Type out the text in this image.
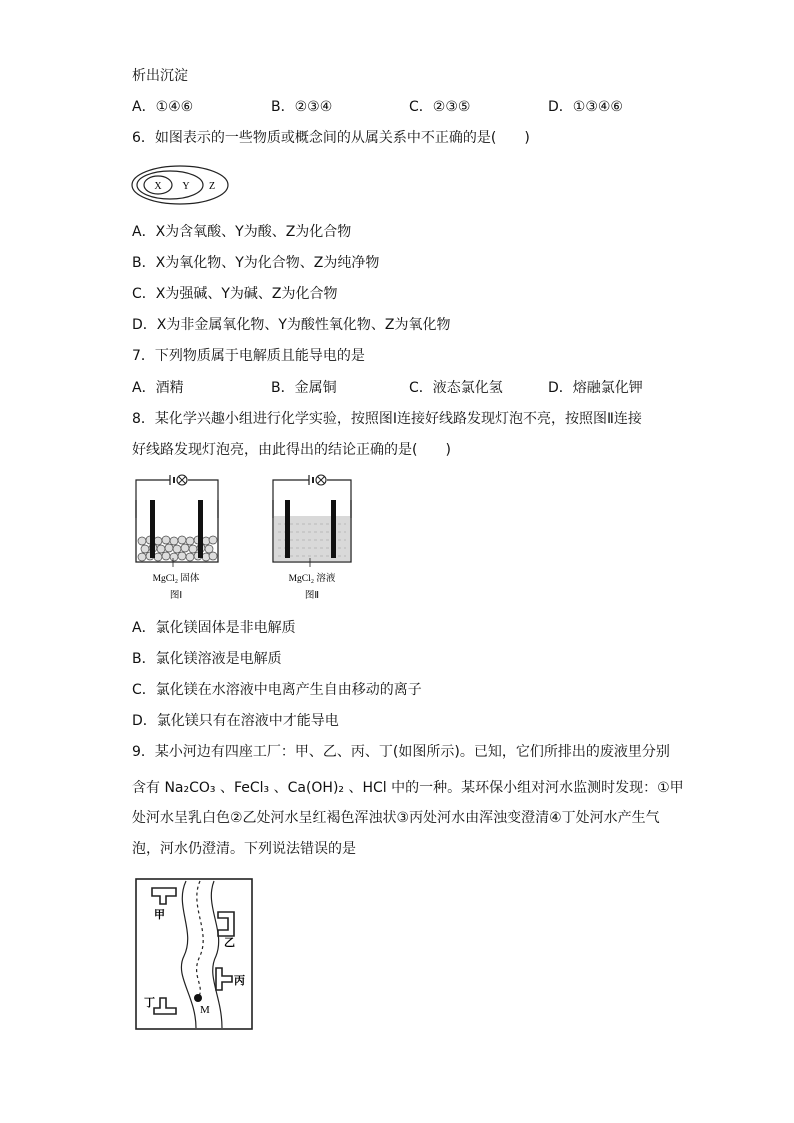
析出沉淀
A．①④⑥	B．②③④	C．②③⑤	D．①③④⑥
6．如图表示的一些物质或概念间的从属关系中不正确的是(　　)
X Y Z
A．X为含氧酸、Y为酸、Z为化合物
B．X为氧化物、Y为化合物、Z为纯净物
C．X为强碱、Y为碱、Z为化合物
D．X为非金属氧化物、Y为酸性氧化物、Z为氧化物
7．下列物质属于电解质且能导电的是
A．酒精	B．金属铜	C．液态氯化氢	D．熔融氯化钾
8．某化学兴趣小组进行化学实验，按照图Ⅰ连接好线路发现灯泡不亮，按照图Ⅱ连接
好线路发现灯泡亮，由此得出的结论正确的是(　　)
MgCl₂ 固体
图Ⅰ
MgCl₂ 溶液
图Ⅱ
A．氯化镁固体是非电解质
B．氯化镁溶液是电解质
C．氯化镁在水溶液中电离产生自由移动的离子
D．氯化镁只有在溶液中才能导电
9．某小河边有四座工厂：甲、乙、丙、丁(如图所示)。已知，它们所排出的废液里分别
含有 Na₂CO₃ 、FeCl₃ 、Ca(OH)₂ 、HCl 中的一种。某环保小组对河水监测时发现：①甲
处河水呈乳白色②乙处河水呈红褐色浑浊状③丙处河水由浑浊变澄清④丁处河水产生气
泡，河水仍澄清。下列说法错误的是
M
甲
乙
丙
丁
